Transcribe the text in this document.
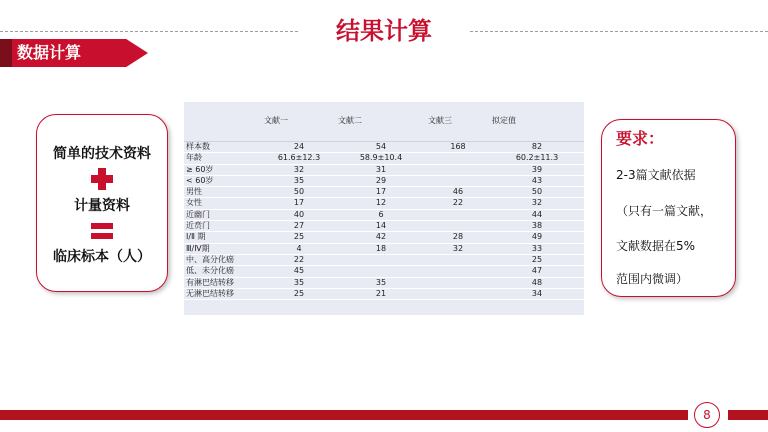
结果计算
数据计算
简单的技术资料
计量资料
临床标本（人）
	文献一	文献二	文献三	拟定值
样本数	24	54	168	82
年龄	61.6±12.3	58.9±10.4		60.2±11.3
≥ 60岁	32	31		39
< 60岁	35	29		43
男性	50	17	46	50
女性	17	12	22	32
近幽门	40	6		44
近贲门	27	14		38
Ⅰ/Ⅱ 期	25	42	28	49
Ⅲ/Ⅳ期	4	18	32	33
中、高分化癌	22			25
低、未分化癌	45			47
有淋巴结转移	35	35		48
无淋巴结转移	25	21		34
要求：
2-3篇文献依据
（只有一篇文献，
文献数据在5%
范围内微调）
8
